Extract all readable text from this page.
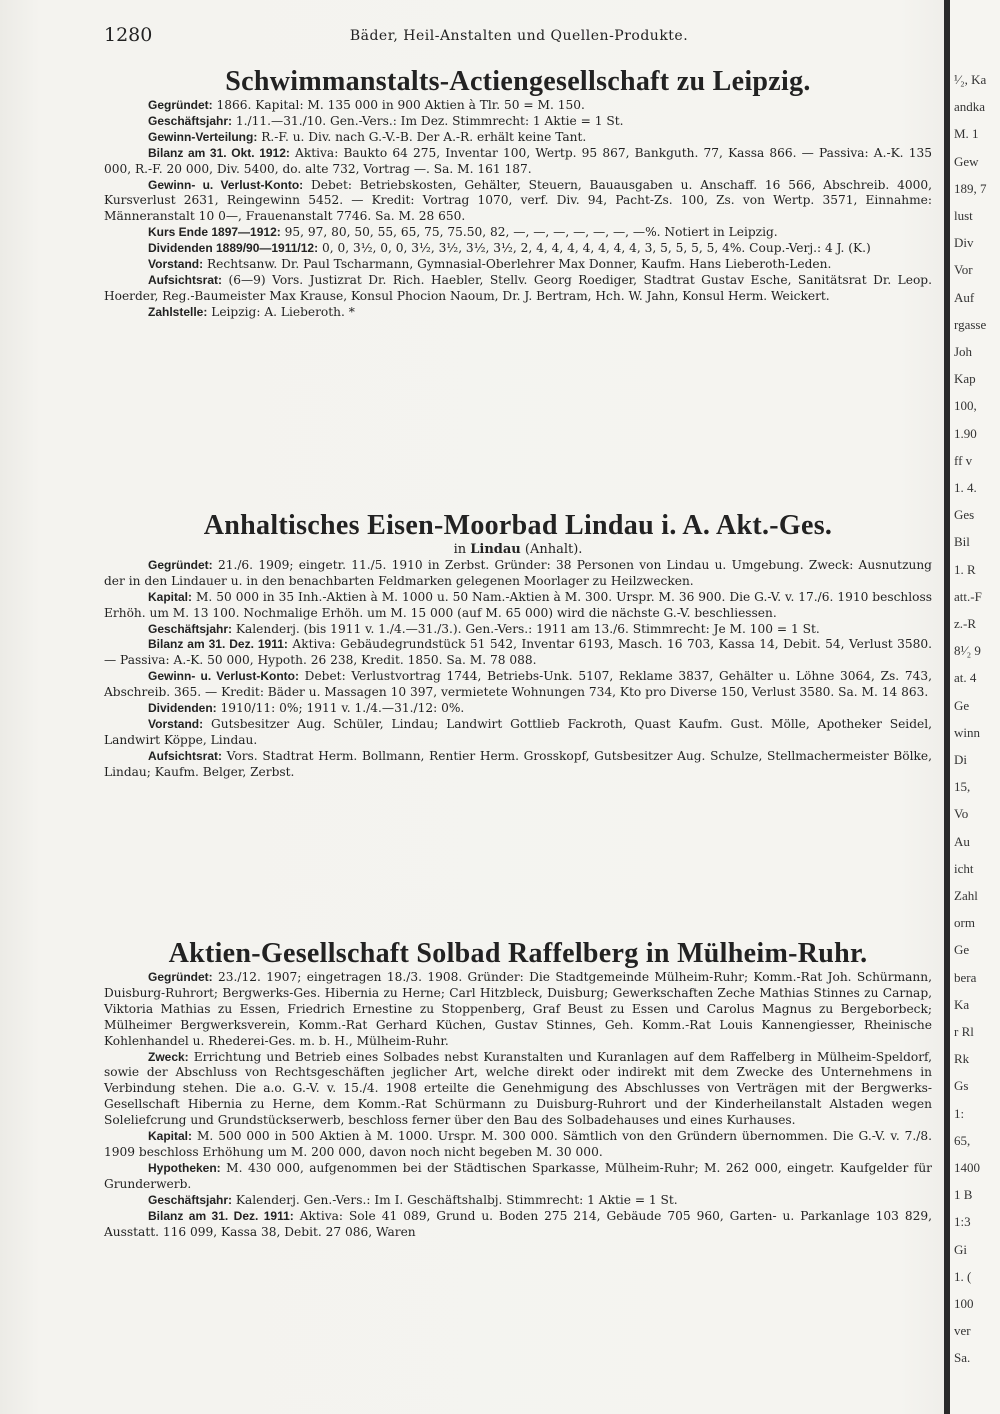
1280	Bäder, Heil-Anstalten und Quellen-Produkte.
Schwimmanstalts-Actiengesellschaft zu Leipzig.

Gegründet: 1866. Kapital: M. 135 000 in 900 Aktien à Tlr. 50 = M. 150.

Geschäftsjahr: 1./11.—31./10. Gen.-Vers.: Im Dez. Stimmrecht: 1 Aktie = 1 St.

Gewinn-Verteilung: R.-F. u. Div. nach G.-V.-B. Der A.-R. erhält keine Tant.

Bilanz am 31. Okt. 1912: Aktiva: Baukto 64 275, Inventar 100, Wertp. 95 867, Bankguth. 77, Kassa 866. — Passiva: A.-K. 135 000, R.-F. 20 000, Div. 5400, do. alte 732, Vortrag —. Sa. M. 161 187.

Gewinn- u. Verlust-Konto: Debet: Betriebskosten, Gehälter, Steuern, Bauausgaben u. Anschaff. 16 566, Abschreib. 4000, Kursverlust 2631, Reingewinn 5452. — Kredit: Vortrag 1070, verf. Div. 94, Pacht-Zs. 100, Zs. von Wertp. 3571, Einnahme: Männeranstalt 10 0—, Frauenanstalt 7746. Sa. M. 28 650.

Kurs Ende 1897—1912: 95, 97, 80, 50, 55, 65, 75, 75.50, 82, —, —, —, —, —, —, —%. Notiert in Leipzig.

Dividenden 1889/90—1911/12: 0, 0, 3½, 0, 0, 3½, 3½, 3½, 3½, 2, 4, 4, 4, 4, 4, 4, 4, 3, 5, 5, 5, 5, 4%. Coup.-Verj.: 4 J. (K.)

Vorstand: Rechtsanw. Dr. Paul Tscharmann, Gymnasial-Oberlehrer Max Donner, Kaufm. Hans Lieberoth-Leden.

Aufsichtsrat: (6—9) Vors. Justizrat Dr. Rich. Haebler, Stellv. Georg Roediger, Stadtrat Gustav Esche, Sanitätsrat Dr. Leop. Hoerder, Reg.-Baumeister Max Krause, Konsul Phocion Naoum, Dr. J. Bertram, Hch. W. Jahn, Konsul Herm. Weickert.

Zahlstelle: Leipzig: A. Lieberoth. *

Anhaltisches Eisen-Moorbad Lindau i. A. Akt.-Ges.
in Lindau (Anhalt).

Gegründet: 21./6. 1909; eingetr. 11./5. 1910 in Zerbst. Gründer: 38 Personen von Lindau u. Umgebung. Zweck: Ausnutzung der in den Lindauer u. in den benachbarten Feldmarken gelegenen Moorlager zu Heilzwecken.

Kapital: M. 50 000 in 35 Inh.-Aktien à M. 1000 u. 50 Nam.-Aktien à M. 300. Urspr. M. 36 900. Die G.-V. v. 17./6. 1910 beschloss Erhöh. um M. 13 100. Nochmalige Erhöh. um M. 15 000 (auf M. 65 000) wird die nächste G.-V. beschliessen.

Geschäftsjahr: Kalenderj. (bis 1911 v. 1./4.—31./3.). Gen.-Vers.: 1911 am 13./6. Stimmrecht: Je M. 100 = 1 St.

Bilanz am 31. Dez. 1911: Aktiva: Gebäudegrundstück 51 542, Inventar 6193, Masch. 16 703, Kassa 14, Debit. 54, Verlust 3580. — Passiva: A.-K. 50 000, Hypoth. 26 238, Kredit. 1850. Sa. M. 78 088.

Gewinn- u. Verlust-Konto: Debet: Verlustvortrag 1744, Betriebs-Unk. 5107, Reklame 3837, Gehälter u. Löhne 3064, Zs. 743, Abschreib. 365. — Kredit: Bäder u. Massagen 10 397, vermietete Wohnungen 734, Kto pro Diverse 150, Verlust 3580. Sa. M. 14 863.

Dividenden: 1910/11: 0%; 1911 v. 1./4.—31./12: 0%.

Vorstand: Gutsbesitzer Aug. Schüler, Lindau; Landwirt Gottlieb Fackroth, Quast Kaufm. Gust. Mölle, Apotheker Seidel, Landwirt Köppe, Lindau.

Aufsichtsrat: Vors. Stadtrat Herm. Bollmann, Rentier Herm. Grosskopf, Gutsbesitzer Aug. Schulze, Stellmachermeister Bölke, Lindau; Kaufm. Belger, Zerbst.

Aktien-Gesellschaft Solbad Raffelberg in Mülheim-Ruhr.

Gegründet: 23./12. 1907; eingetragen 18./3. 1908. Gründer: Die Stadtgemeinde Mülheim-Ruhr; Komm.-Rat Joh. Schürmann, Duisburg-Ruhrort; Bergwerks-Ges. Hibernia zu Herne; Carl Hitzbleck, Duisburg; Gewerkschaften Zeche Mathias Stinnes zu Carnap, Viktoria Mathias zu Essen, Friedrich Ernestine zu Stoppenberg, Graf Beust zu Essen und Carolus Magnus zu Bergeborbeck; Mülheimer Bergwerksverein, Komm.-Rat Gerhard Küchen, Gustav Stinnes, Geh. Komm.-Rat Louis Kannengiesser, Rheinische Kohlenhandel u. Rhederei-Ges. m. b. H., Mülheim-Ruhr.

Zweck: Errichtung und Betrieb eines Solbades nebst Kuranstalten und Kuranlagen auf dem Raffelberg in Mülheim-Speldorf, sowie der Abschluss von Rechtsgeschäften jeglicher Art, welche direkt oder indirekt mit dem Zwecke des Unternehmens in Verbindung stehen. Die a.o. G.-V. v. 15./4. 1908 erteilte die Genehmigung des Abschlusses von Verträgen mit der Bergwerks-Gesellschaft Hibernia zu Herne, dem Komm.-Rat Schürmann zu Duisburg-Ruhrort und der Kinderheilanstalt Alstaden wegen Soleliefcrung und Grundstückserwerb, beschloss ferner über den Bau des Solbadehauses und eines Kurhauses.

Kapital: M. 500 000 in 500 Aktien à M. 1000. Urspr. M. 300 000. Sämtlich von den Gründern übernommen. Die G.-V. v. 7./8. 1909 beschloss Erhöhung um M. 200 000, davon noch nicht begeben M. 30 000.

Hypotheken: M. 430 000, aufgenommen bei der Städtischen Sparkasse, Mülheim-Ruhr; M. 262 000, eingetr. Kaufgelder für Grunderwerb.

Geschäftsjahr: Kalenderj. Gen.-Vers.: Im I. Geschäftshalbj. Stimmrecht: 1 Aktie = 1 St.

Bilanz am 31. Dez. 1911: Aktiva: Sole 41 089, Grund u. Boden 275 214, Gebäude 705 960, Garten- u. Parkanlage 103 829, Ausstatt. 116 099, Kassa 38, Debit. 27 086, Waren

¹⁄₂, Ka
andka
M. 1
Gew
189, 7
lust
Div
Vor
Auf
rgasse
Joh
Kap
100,
1.90
ff v
1. 4.
Ges
Bil
1. R
att.-F
z.-R
8¹⁄₂ 9
at. 4
Ge
winn
Di
15,
Vo
Au
icht
Zahl
orm
Ge
bera
Ka
r Rl
Rk
Gs
1:
65,
1400
1 B
1:3
Gi
1. (
100
ver
Sa.
